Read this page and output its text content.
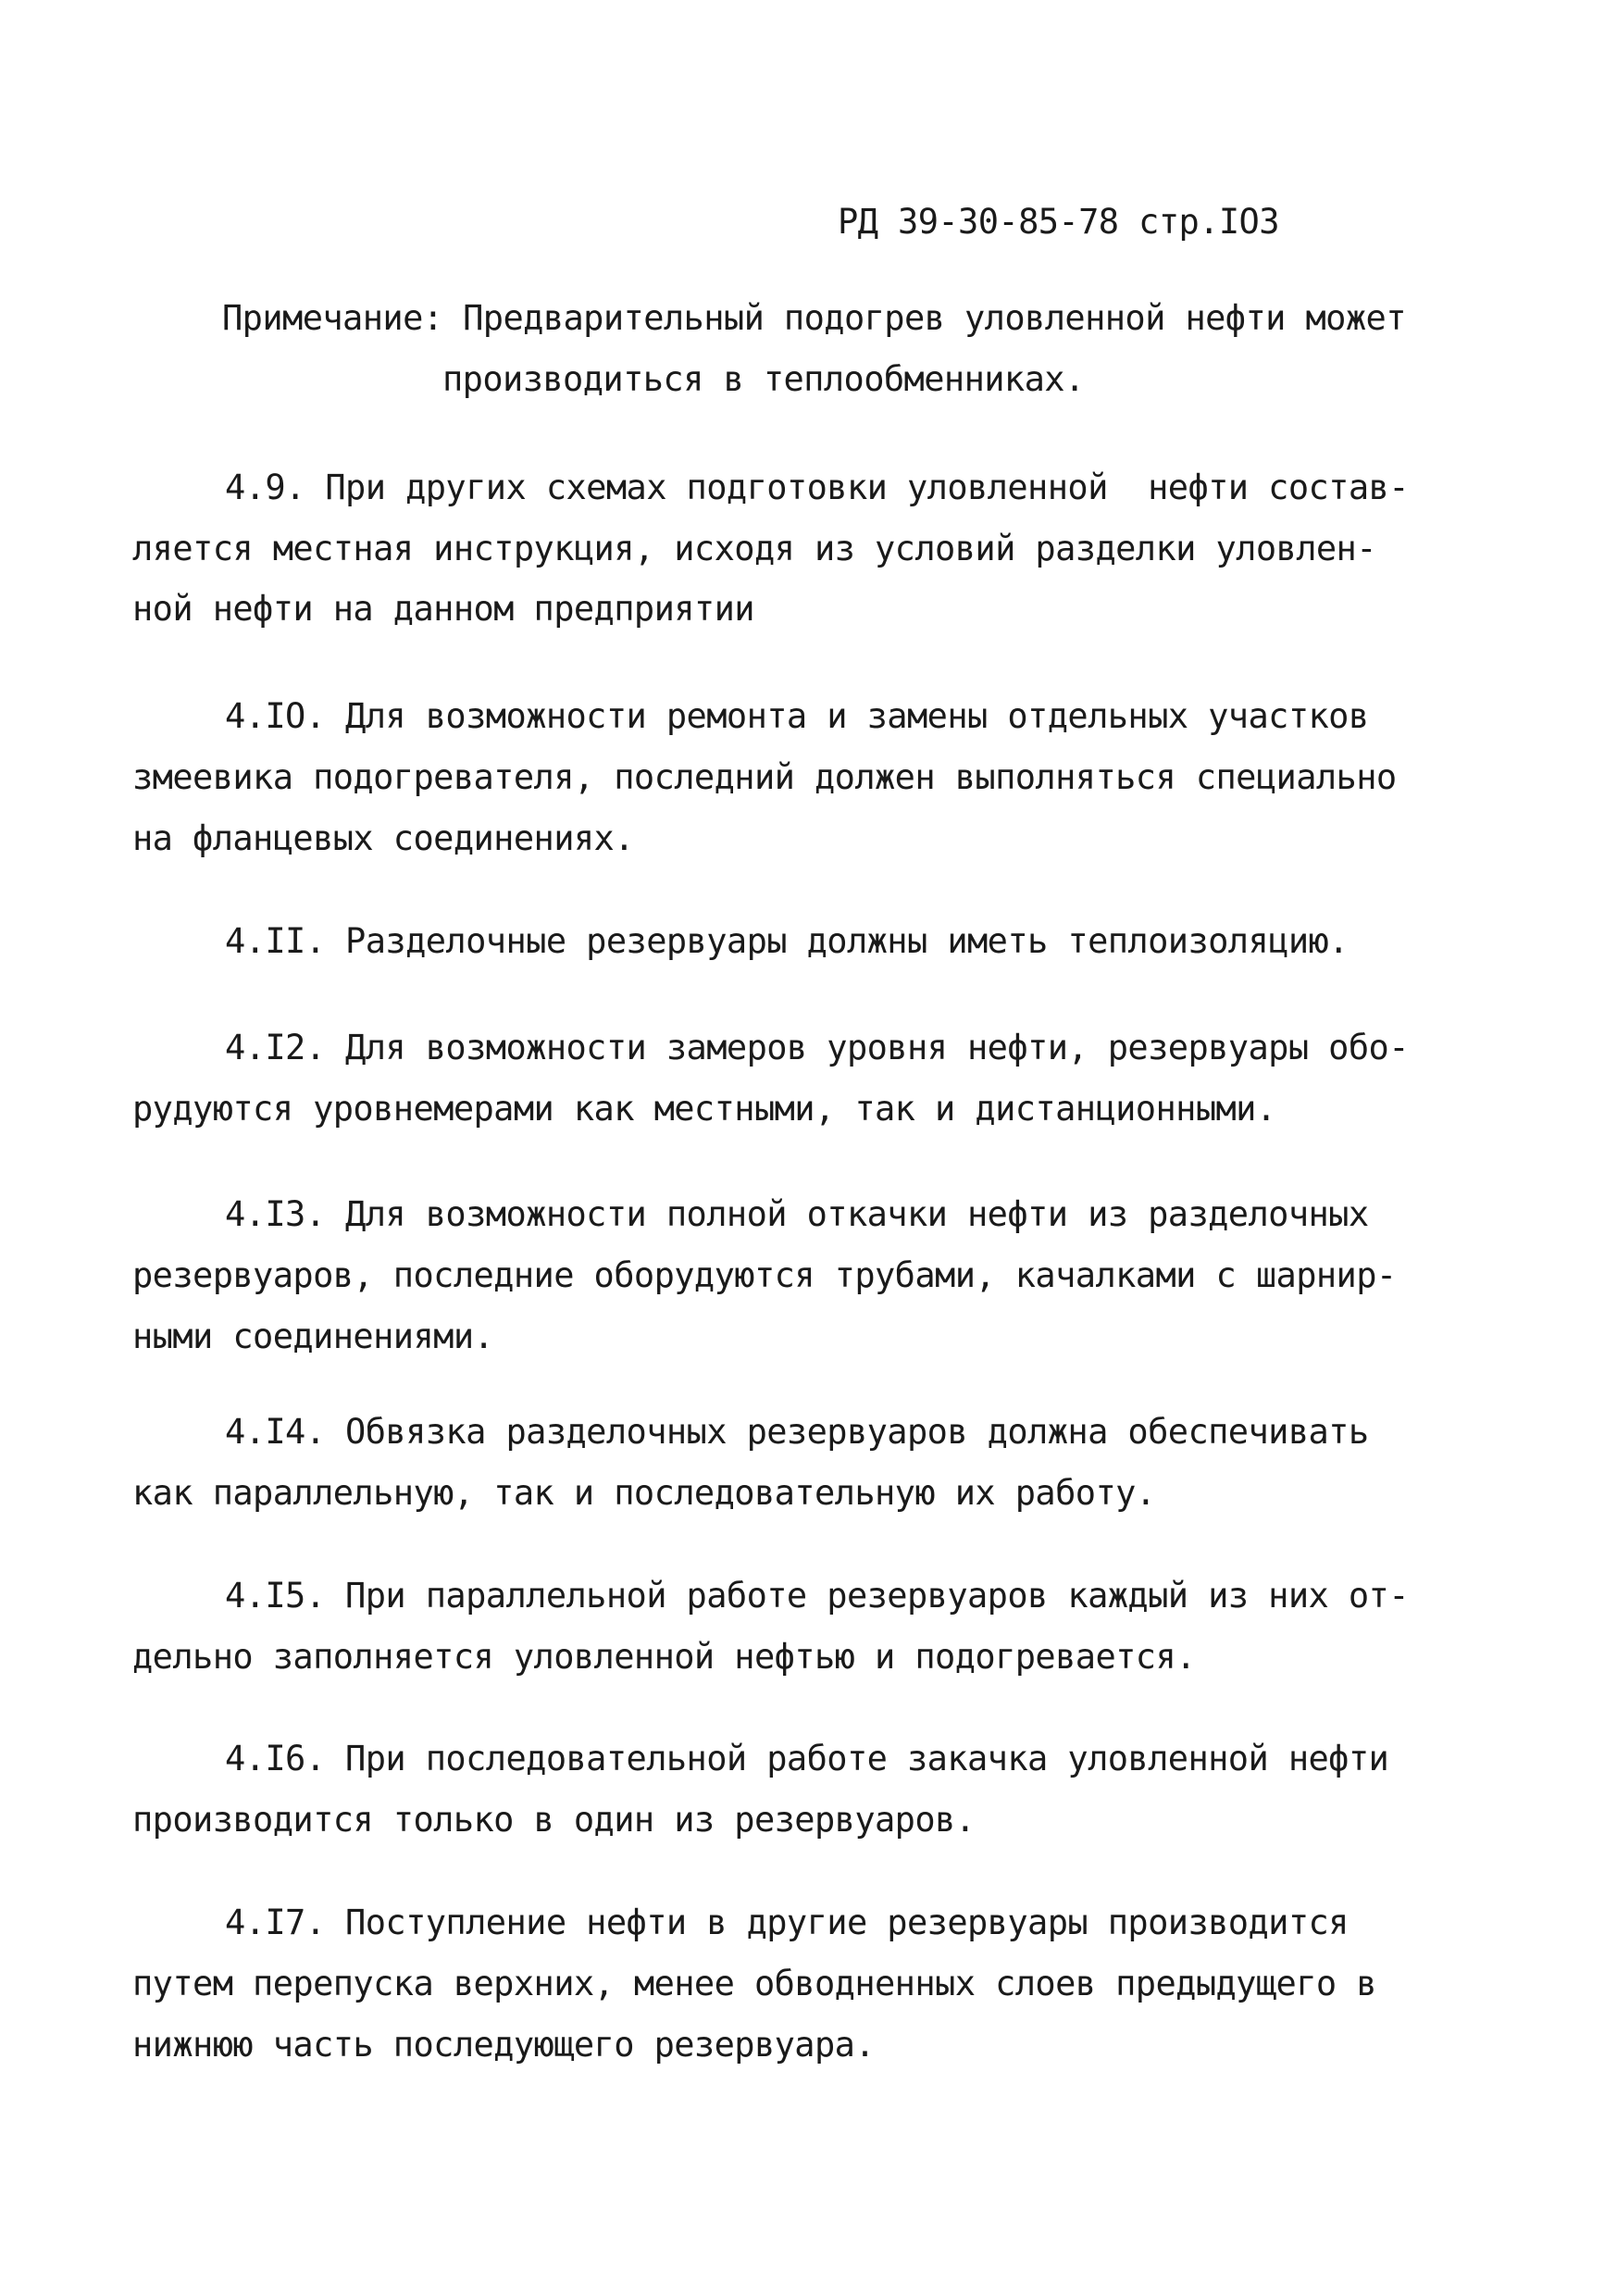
РД 39-30-85-78 стр.IO3
Примечание: Предварительный подогрев уловленной нефти может
производиться в теплообменниках.
4.9. При других схемах подготовки уловленной  нефти состав-
ляется местная инструкция, исходя из условий разделки уловлен-
ной нефти на данном предприятии
4.IO. Для возможности ремонта и замены отдельных участков
змеевика подогревателя, последний должен выполняться специально
на фланцевых соединениях.
4.II. Разделочные резервуары должны иметь теплоизоляцию.
4.I2. Для возможности замеров уровня нефти, резервуары обо-
рудуются уровнемерами как местными, так и дистанционными.
4.I3. Для возможности полной откачки нефти из разделочных
резервуаров, последние оборудуются трубами, качалками с шарнир-
ными соединениями.
4.I4. Обвязка разделочных резервуаров должна обеспечивать
как параллельную, так и последовательную их работу.
4.I5. При параллельной работе резервуаров каждый из них от-
дельно заполняется уловленной нефтью и подогревается.
4.I6. При последовательной работе закачка уловленной нефти
производится только в один из резервуаров.
4.I7. Поступление нефти в другие резервуары производится
путем перепуска верхних, менее обводненных слоев предыдущего в
нижнюю часть последующего резервуара.
